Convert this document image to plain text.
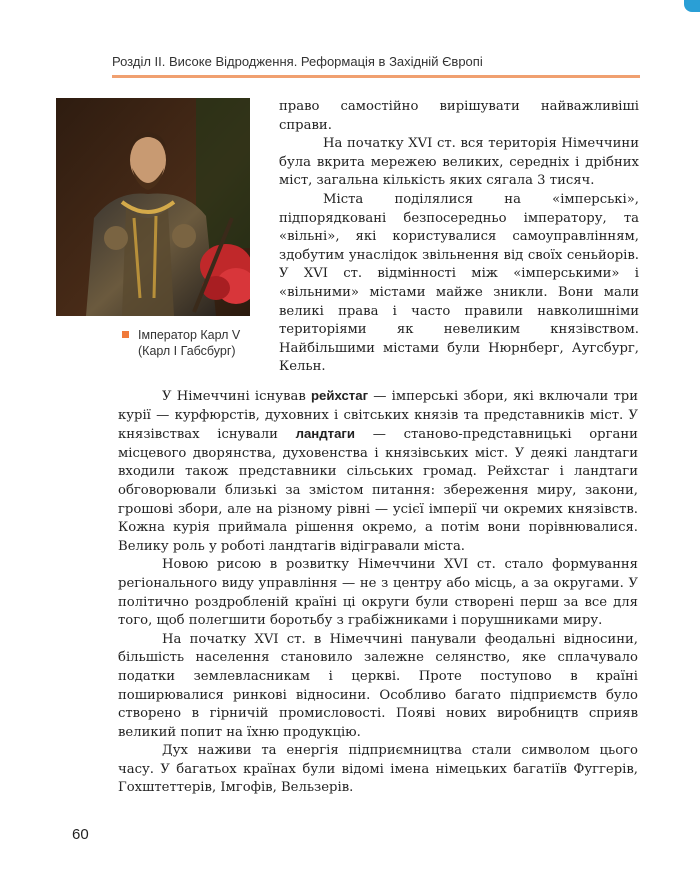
Розділ ІІ. Високе Відродження. Реформація в Західній Європі
Імператор Карл V
(Карл І Габсбург)

право самостійно вирішувати найважливіші справи.

На початку XVI ст. вся територія Німеччини була вкрита мережею великих, середніх і дрібних міст, загальна кількість яких сягала 3 тисяч.

Міста поділялися на «імперські», підпорядковані безпосередньо імператору, та «вільні», які користувалися самоуправлінням, здобутим унаслідок звільнення від своїх сеньйорів. У XVI ст. відмінності між «імперськими» і «вільними» містами майже зникли. Вони мали великі права і часто правили навколишніми територіями як невеликим князівством. Найбільшими містами були Нюрнберг, Аугсбург, Кельн.

У Німеччині існував рейхстаг — імперські збори, які включали три курії — курфюрстів, духовних і світських князів та представників міст. У князівствах існували ландтаги — станово-представницькі органи місцевого дворянства, духовенства і князівських міст. У деякі ландтаги входили також представники сільських громад. Рейхстаг і ландтаги обговорювали близькі за змістом питання: збереження миру, закони, грошові збори, але на різному рівні — усієї імперії чи окремих князівств. Кожна курія приймала рішення окремо, а потім вони порівнювалися. Велику роль у роботі ландтагів відігравали міста.

Новою рисою в розвитку Німеччини XVI ст. стало формування регіонального виду управління — не з центру або місць, а за округами. У політично роздробленій країні ці округи були створені перш за все для того, щоб полегшити боротьбу з грабіжниками і порушниками миру.

На початку XVI ст. в Німеччині панували феодальні відносини, більшість населення становило залежне селянство, яке сплачувало податки землевласникам і церкві. Проте поступово в країні поширювалися ринкові відносини. Особливо багато підприємств було створено в гірничій промисловості. Появі нових виробництв сприяв великий попит на їхню продукцію.

Дух наживи та енергія підприємництва стали символом цього часу. У багатьох країнах були відомі імена німецьких багатіїв Фуггерів, Гохштеттерів, Імгофів, Вельзерів.

60
